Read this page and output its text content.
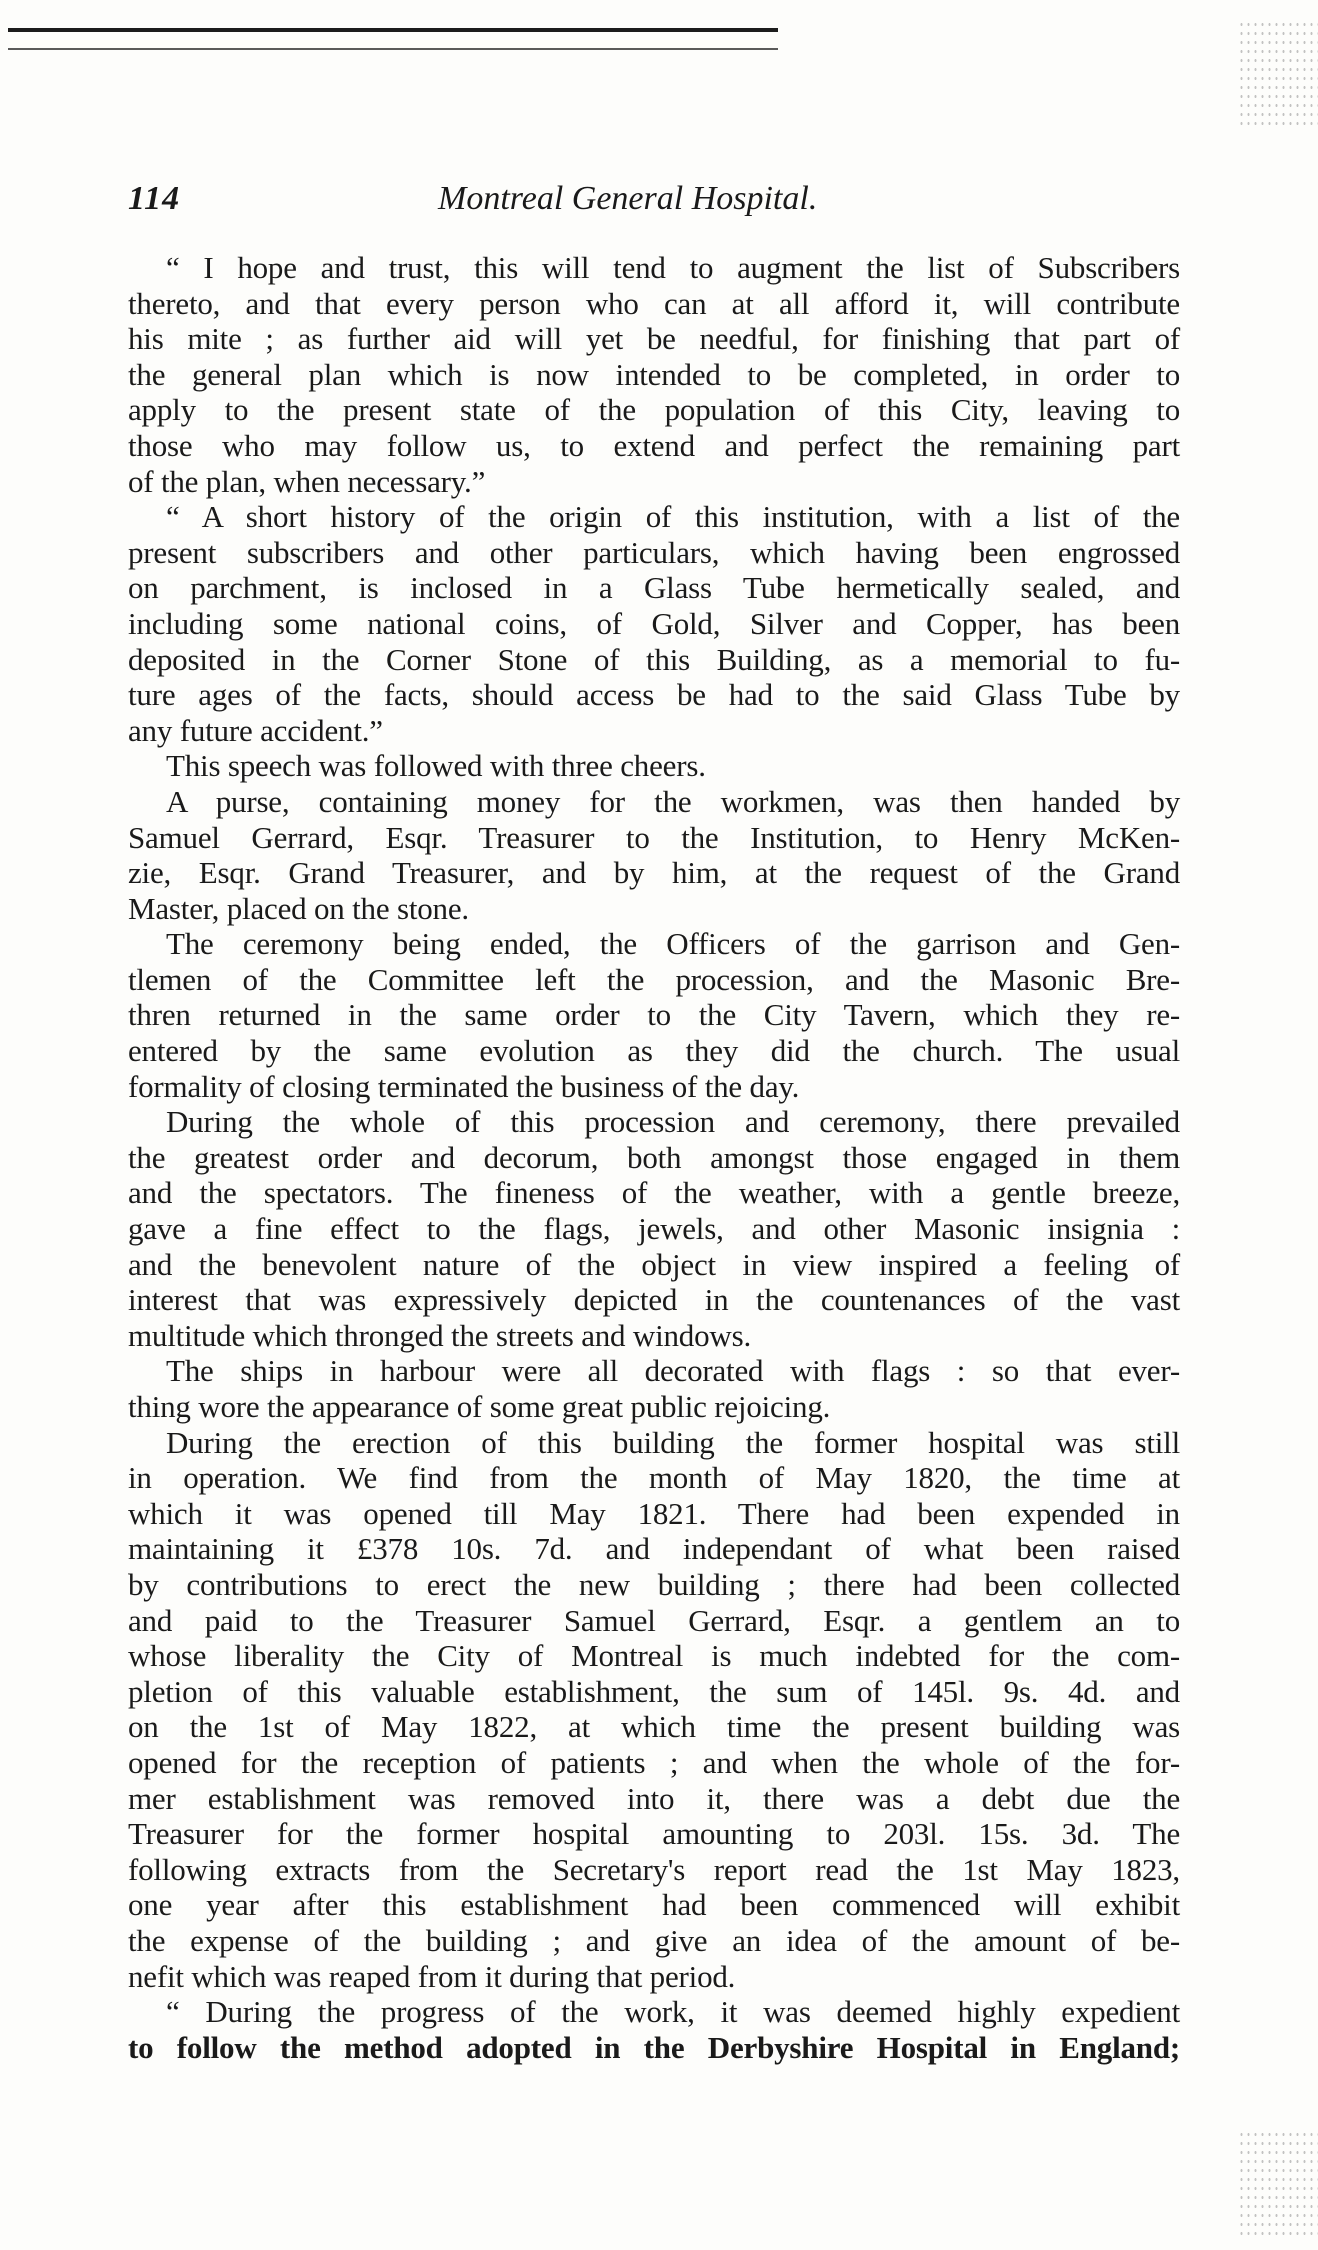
114	Montreal General Hospital.
“ I hope and trust, this will tend to augment the list of Subscribers
thereto, and that every person who can at all afford it, will contribute
his mite ; as further aid will yet be needful, for finishing that part of
the general plan which is now intended to be completed, in order to
apply to the present state of the population of this City, leaving to
those who may follow us, to extend and perfect the remaining part
of the plan, when necessary.”
“ A short history of the origin of this institution, with a list of the
present subscribers and other particulars, which having been engrossed
on parchment, is inclosed in a Glass Tube hermetically sealed, and
including some national coins, of Gold, Silver and Copper, has been
deposited in the Corner Stone of this Building, as a memorial to fu-
ture ages of the facts, should access be had to the said Glass Tube by
any future accident.”
This speech was followed with three cheers.
A purse, containing money for the workmen, was then handed by
Samuel Gerrard, Esqr. Treasurer to the Institution, to Henry McKen-
zie, Esqr. Grand Treasurer, and by him, at the request of the Grand
Master, placed on the stone.
The ceremony being ended, the Officers of the garrison and Gen-
tlemen of the Committee left the procession, and the Masonic Bre-
thren returned in the same order to the City Tavern, which they re-
entered by the same evolution as they did the church. The usual
formality of closing terminated the business of the day.
During the whole of this procession and ceremony, there prevailed
the greatest order and decorum, both amongst those engaged in them
and the spectators. The fineness of the weather, with a gentle breeze,
gave a fine effect to the flags, jewels, and other Masonic insignia :
and the benevolent nature of the object in view inspired a feeling of
interest that was expressively depicted in the countenances of the vast
multitude which thronged the streets and windows.
The ships in harbour were all decorated with flags : so that ever-
thing wore the appearance of some great public rejoicing.
During the erection of this building the former hospital was still
in operation. We find from the month of May 1820, the time at
which it was opened till May 1821. There had been expended in
maintaining it £378 10s. 7d. and independant of what been raised
by contributions to erect the new building ; there had been collected
and paid to the Treasurer Samuel Gerrard, Esqr. a gentlem an to
whose liberality the City of Montreal is much indebted for the com-
pletion of this valuable establishment, the sum of 145l. 9s. 4d. and
on the 1st of May 1822, at which time the present building was
opened for the reception of patients ; and when the whole of the for-
mer establishment was removed into it, there was a debt due the
Treasurer for the former hospital amounting to 203l. 15s. 3d. The
following extracts from the Secretary's report read the 1st May 1823,
one year after this establishment had been commenced will exhibit
the expense of the building ; and give an idea of the amount of be-
nefit which was reaped from it during that period.
“ During the progress of the work, it was deemed highly expedient
to follow the method adopted in the Derbyshire Hospital in England;
